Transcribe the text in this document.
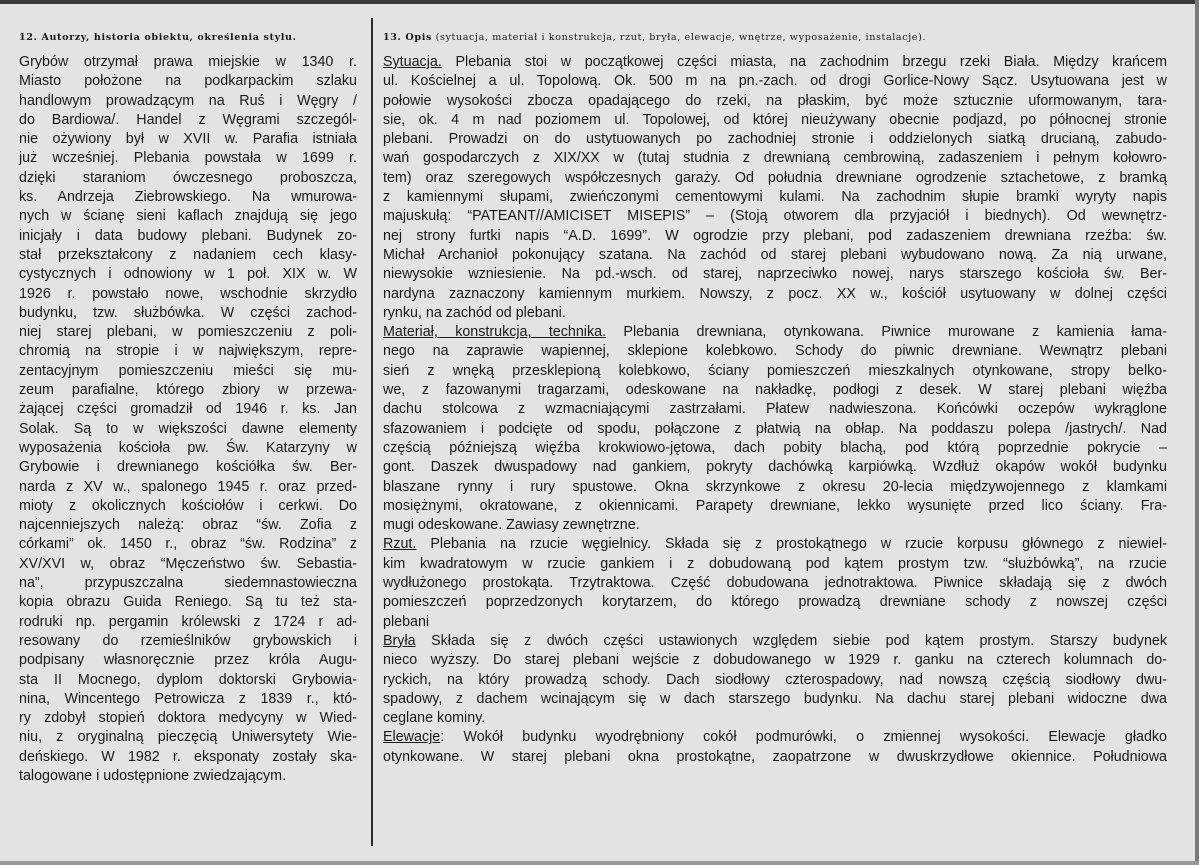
12. Autorzy, historia obiektu, określenia stylu.
Grybów otrzymał prawa miejskie w 1340 r.
Miasto położone na podkarpackim szlaku
handlowym prowadzącym na Ruś i Węgry /
do Bardiowa/. Handel z Węgrami szczegól-
nie ożywiony był w XVII w. Parafia istniała
już wcześniej. Plebania powstała w 1699 r.
dzięki staraniom ówczesnego proboszcza,
ks. Andrzeja Ziebrowskiego. Na wmurowa-
nych w ścianę sieni kaflach znajdują się jego
inicjały i data budowy plebani. Budynek zo-
stał przekształcony z nadaniem cech klasy-
cystycznych i odnowiony w 1 poł. XIX w. W
1926 r. powstało nowe, wschodnie skrzydło
budynku, tzw. służbówka. W części zachod-
niej starej plebani, w pomieszczeniu z poli-
chromią na stropie i w największym, repre-
zentacyjnym pomieszczeniu mieści się mu-
zeum parafialne, którego zbiory w przewa-
żającej części gromadził od 1946 r. ks. Jan
Solak. Są to w większości dawne elementy
wyposażenia kościoła pw. Św. Katarzyny w
Grybowie i drewnianego kościółka św. Ber-
narda z XV w., spalonego 1945 r. oraz przed-
mioty z okolicznych kościołów i cerkwi. Do
najcenniejszych należą: obraz “św. Zofia z
córkami” ok. 1450 r., obraz “św. Rodzina” z
XV/XVI w, obraz “Męczeństwo św. Sebastia-
na”, przypuszczalna siedemnastowieczna
kopia obrazu Guida Reniego. Są tu też sta-
rodruki np. pergamin królewski z 1724 r ad-
resowany do rzemieślników grybowskich i
podpisany własnoręcznie przez króla Augu-
sta II Mocnego, dyplom doktorski Grybowia-
nina, Wincentego Petrowicza z 1839 r., któ-
ry zdobył stopień doktora medycyny w Wied-
niu, z oryginalną pieczęcią Uniwersytety Wie-
deńskiego. W 1982 r. eksponaty zostały ska-
talogowane i udostępnione zwiedzającym.
13. Opis (sytuacja, materiał i konstrukcja, rzut, bryła, elewacje, wnętrze, wyposażenie, instalacje).
Sytuacja. Plebania stoi w początkowej części miasta, na zachodnim brzegu rzeki Biała. Między krańcem
ul. Kościelnej a ul. Topolową. Ok. 500 m na pn.-zach. od drogi Gorlice-Nowy Sącz. Usytuowana jest w
połowie wysokości zbocza opadającego do rzeki, na płaskim, być może sztucznie uformowanym, tara-
sie, ok. 4 m nad poziomem ul. Topolowej, od której nieużywany obecnie podjazd, po północnej stronie
plebani. Prowadzi on do ustytuowanych po zachodniej stronie i oddzielonych siatką drucianą, zabudo-
wań gospodarczych z XIX/XX w (tutaj studnia z drewnianą cembrowiną, zadaszeniem i pełnym kołowro-
tem) oraz szeregowych współczesnych garaży. Od południa drewniane ogrodzenie sztachetowe, z bramką
z kamiennymi słupami, zwieńczonymi cementowymi kulami. Na zachodnim słupie bramki wyryty napis
majuskułą: “PATEANT//AMICISET MISEPIS” – (Stoją otworem dla przyjaciół i biednych). Od wewnętrz-
nej strony furtki napis “A.D. 1699”. W ogrodzie przy plebani, pod zadaszeniem drewniana rzeźba: św.
Michał Archanioł pokonujący szatana. Na zachód od starej plebani wybudowano nową. Za nią urwane,
niewysokie wzniesienie. Na pd.-wsch. od starej, naprzeciwko nowej, narys starszego kościoła św. Ber-
nardyna zaznaczony kamiennym murkiem. Nowszy, z pocz. XX w., kościół usytuowany w dolnej części
rynku, na zachód od plebani.
Materiał, konstrukcja, technika. Plebania drewniana, otynkowana. Piwnice murowane z kamienia łama-
nego na zaprawie wapiennej, sklepione kolebkowo. Schody do piwnic drewniane. Wewnątrz plebani
sień z wnęką przesklepioną kolebkowo, ściany pomieszczeń mieszkalnych otynkowane, stropy belko-
we, z fazowanymi tragarzami, odeskowane na nakładkę, podłogi z desek. W starej plebani więźba
dachu stolcowa z wzmacniającymi zastrzałami. Płatew nadwieszona. Końcówki oczepów wykrąglone
sfazowaniem i podcięte od spodu, połączone z płatwią na obłap. Na poddaszu polepa /jastrych/. Nad
częścią późniejszą więźba krokwiowo-jętowa, dach pobity blachą, pod którą poprzednie pokrycie –
gont. Daszek dwuspadowy nad gankiem, pokryty dachówką karpiówką. Wzdłuż okapów wokół budynku
blaszane rynny i rury spustowe. Okna skrzynkowe z okresu 20-lecia międzywojennego z klamkami
mosiężnymi, okratowane, z okiennicami. Parapety drewniane, lekko wysunięte przed lico ściany. Fra-
mugi odeskowane. Zawiasy zewnętrzne.
Rzut. Plebania na rzucie węgielnicy. Składa się z prostokątnego w rzucie korpusu głównego z niewiel-
kim kwadratowym w rzucie gankiem i z dobudowaną pod kątem prostym tzw. “służbówką”, na rzucie
wydłużonego prostokąta. Trzytraktowa. Część dobudowana jednotraktowa. Piwnice składają się z dwóch
pomieszczeń poprzedzonych korytarzem, do którego prowadzą drewniane schody z nowszej części
plebani
Bryła Składa się z dwóch części ustawionych względem siebie pod kątem prostym. Starszy budynek
nieco wyższy. Do starej plebani wejście z dobudowanego w 1929 r. ganku na czterech kolumnach do-
ryckich, na który prowadzą schody. Dach siodłowy czterospadowy, nad nowszą częścią siodłowy dwu-
spadowy, z dachem wcinającym się w dach starszego budynku. Na dachu starej plebani widoczne dwa
ceglane kominy.
Elewacje: Wokół budynku wyodrębniony cokół podmurówki, o zmiennej wysokości. Elewacje gładko
otynkowane. W starej plebani okna prostokątne, zaopatrzone w dwuskrzydłowe okiennice. Południowa
